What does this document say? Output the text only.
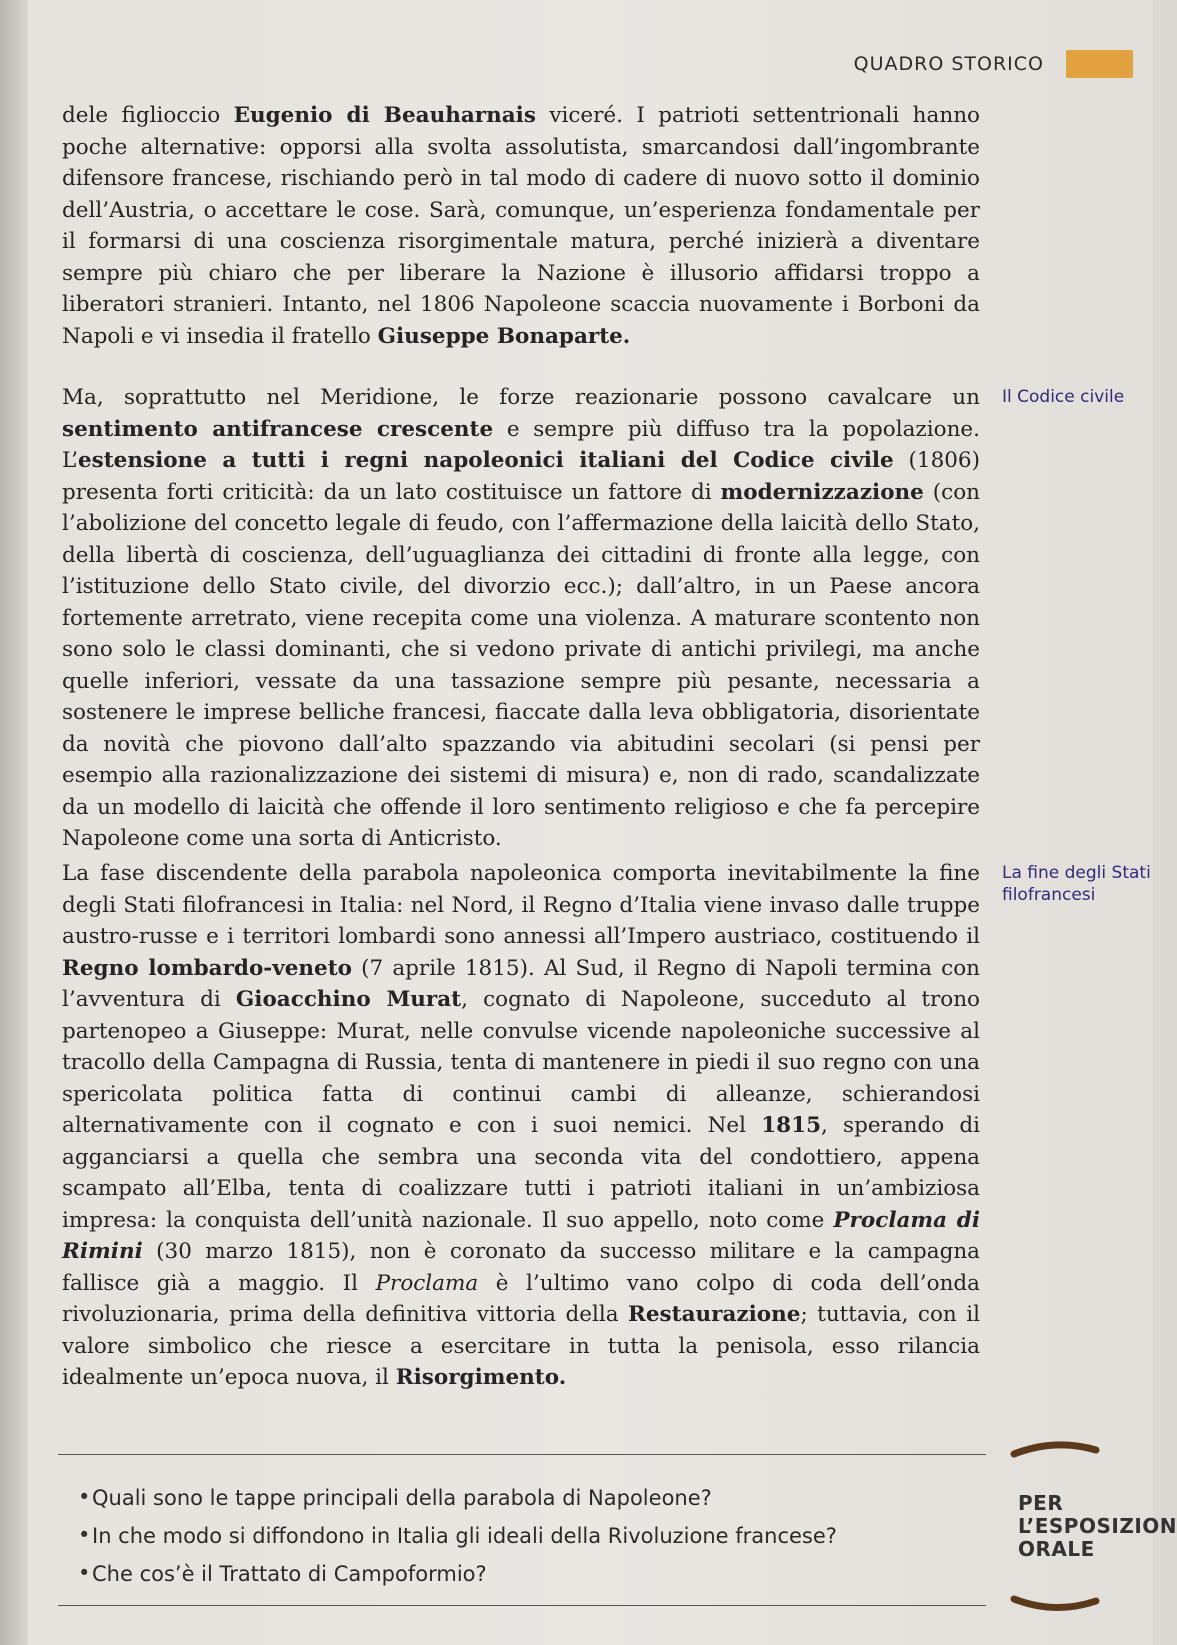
QUADRO STORICO
dele figlioccio Eugenio di Beauharnais viceré. I patrioti settentrionali hanno poche alternative: opporsi alla svolta assolutista, smarcandosi dall’ingombrante difensore francese, rischiando però in tal modo di cadere di nuovo sotto il dominio dell’Austria, o accettare le cose. Sarà, comunque, un’esperienza fondamentale per il formarsi di una coscienza risorgimentale matura, perché inizierà a diventare sempre più chiaro che per liberare la Nazione è illusorio affidarsi troppo a liberatori stranieri. Intanto, nel 1806 Napoleone scaccia nuovamente i Borboni da Napoli e vi insedia il fratello Giuseppe Bonaparte.
Ma, soprattutto nel Meridione, le forze reazionarie possono cavalcare un sentimento antifrancese crescente e sempre più diffuso tra la popolazione. L’estensione a tutti i regni napoleonici italiani del Codice civile (1806) presenta forti criticità: da un lato costituisce un fattore di modernizzazione (con l’abolizione del concetto legale di feudo, con l’affermazione della laicità dello Stato, della libertà di coscienza, dell’uguaglianza dei cittadini di fronte alla legge, con l’istituzione dello Stato civile, del divorzio ecc.); dall’altro, in un Paese ancora fortemente arretrato, viene recepita come una violenza. A maturare scontento non sono solo le classi dominanti, che si vedono private di antichi privilegi, ma anche quelle inferiori, vessate da una tassazione sempre più pesante, necessaria a sostenere le imprese belliche francesi, fiaccate dalla leva obbligatoria, disorientate da novità che piovono dall’alto spazzando via abitudini secolari (si pensi per esempio alla razionalizzazione dei sistemi di misura) e, non di rado, scandalizzate da un modello di laicità che offende il loro sentimento religioso e che fa percepire Napoleone come una sorta di Anticristo.
La fase discendente della parabola napoleonica comporta inevitabilmente la fine degli Stati filofrancesi in Italia: nel Nord, il Regno d’Italia viene invaso dalle truppe austro-russe e i territori lombardi sono annessi all’Impero austriaco, costituendo il Regno lombardo-veneto (7 aprile 1815). Al Sud, il Regno di Napoli termina con l’avventura di Gioacchino Murat, cognato di Napoleone, succeduto al trono partenopeo a Giuseppe: Murat, nelle convulse vicende napoleoniche successive al tracollo della Campagna di Russia, tenta di mantenere in piedi il suo regno con una spericolata politica fatta di continui cambi di alleanze, schierandosi alternativamente con il cognato e con i suoi nemici. Nel 1815, sperando di agganciarsi a quella che sembra una seconda vita del condottiero, appena scampato all’Elba, tenta di coalizzare tutti i patrioti italiani in un’ambiziosa impresa: la conquista dell’unità nazionale. Il suo appello, noto come Proclama di Rimini (30 marzo 1815), non è coronato da successo militare e la campagna fallisce già a maggio. Il Proclama è l’ultimo vano colpo di coda dell’onda rivoluzionaria, prima della definitiva vittoria della Restaurazione; tuttavia, con il valore simbolico che riesce a esercitare in tutta la penisola, esso rilancia idealmente un’epoca nuova, il Risorgimento.
Il Codice civile
La fine degli Stati filofrancesi
• Quali sono le tappe principali della parabola di Napoleone?
• In che modo si diffondono in Italia gli ideali della Rivoluzione francese?
• Che cos’è il Trattato di Campoformio?
PER
L’ESPOSIZION
ORALE
